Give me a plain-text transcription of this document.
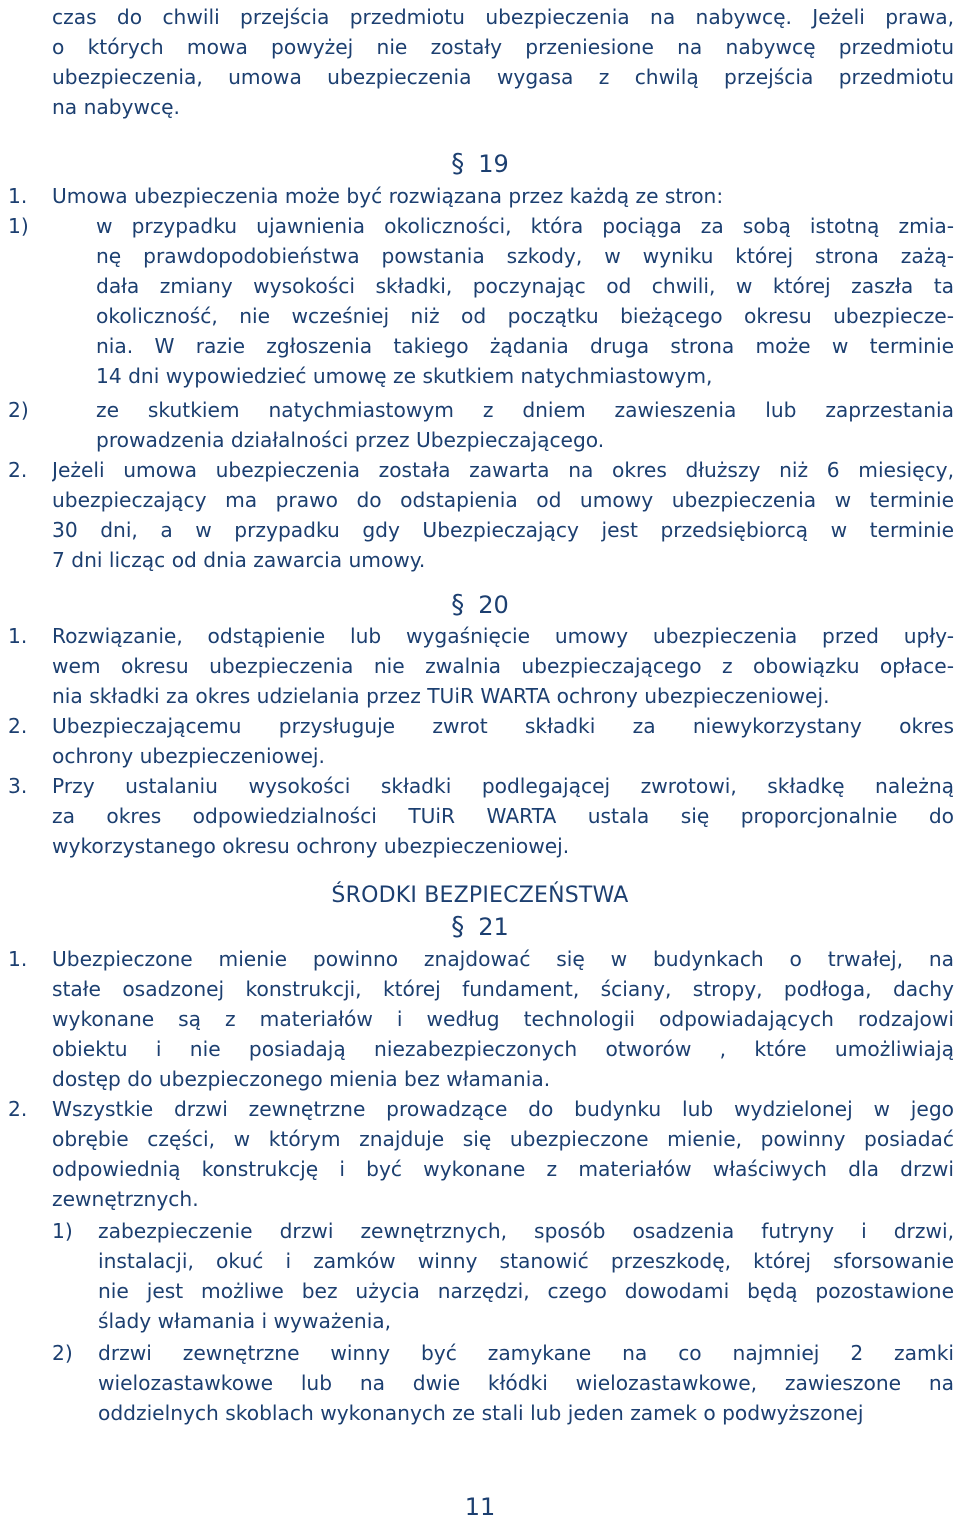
czas do chwili przejścia przedmiotu ubezpieczenia na nabywcę. Jeżeli prawa,
o których mowa powyżej nie zostały przeniesione na nabywcę przedmiotu
ubezpieczenia, umowa ubezpieczenia wygasa z chwilą przejścia przedmiotu
na nabywcę.
§ 19
1. Umowa ubezpieczenia może być rozwiązana przez każdą ze stron:
1)	w przypadku ujawnienia okoliczności, która pociąga za sobą istotną zmia-
nę prawdopodobieństwa powstania szkody, w wyniku której strona zażą-
dała zmiany wysokości składki, poczynając od chwili, w której zaszła ta
okoliczność, nie wcześniej niż od początku bieżącego okresu ubezpiecze-
nia. W razie zgłoszenia takiego żądania druga strona może w terminie
14 dni wypowiedzieć umowę ze skutkiem natychmiastowym,
2)	ze skutkiem natychmiastowym z dniem zawieszenia lub zaprzestania
prowadzenia działalności przez Ubezpieczającego.
2. Jeżeli umowa ubezpieczenia została zawarta na okres dłuższy niż 6 miesięcy,
ubezpieczający ma prawo do odstapienia od umowy ubezpieczenia w terminie
30 dni, a w przypadku gdy Ubezpieczający jest przedsiębiorcą w terminie
7 dni licząc od dnia zawarcia umowy.
§ 20
1. Rozwiązanie, odstąpienie lub wygaśnięcie umowy ubezpieczenia przed upły-
wem okresu ubezpieczenia nie zwalnia ubezpieczającego z obowiązku opłace-
nia składki za okres udzielania przez TUiR WARTA ochrony ubezpieczeniowej.
2. Ubezpieczającemu przysługuje zwrot składki za niewykorzystany okres
ochrony ubezpieczeniowej.
3. Przy ustalaniu wysokości składki podlegającej zwrotowi, składkę należną
za okres odpowiedzialności TUiR WARTA ustala się proporcjonalnie do
wykorzystanego okresu ochrony ubezpieczeniowej.
ŚRODKI BEZPIECZEŃSTWA
§ 21
1. Ubezpieczone mienie powinno znajdować się w budynkach o trwałej, na
stałe osadzonej konstrukcji, której fundament, ściany, stropy, podłoga, dachy
wykonane są z materiałów i według technologii odpowiadających rodzajowi
obiektu i nie posiadają niezabezpieczonych otworów , które umożliwiają
dostęp do ubezpieczonego mienia bez włamania.
2. Wszystkie drzwi zewnętrzne prowadzące do budynku lub wydzielonej w jego
obrębie części, w którym znajduje się ubezpieczone mienie, powinny posiadać
odpowiednią konstrukcję i być wykonane z materiałów właściwych dla drzwi
zewnętrznych.
1) zabezpieczenie drzwi zewnętrznych, sposób osadzenia futryny i drzwi,
instalacji, okuć i zamków winny stanowić przeszkodę, której sforsowanie
nie jest możliwe bez użycia narzędzi, czego dowodami będą pozostawione
ślady włamania i wyważenia,
2) drzwi zewnętrzne winny być zamykane na co najmniej 2 zamki
wielozastawkowe lub na dwie kłódki wielozastawkowe, zawieszone na
oddzielnych skoblach wykonanych ze stali lub jeden zamek o podwyższonej
11
